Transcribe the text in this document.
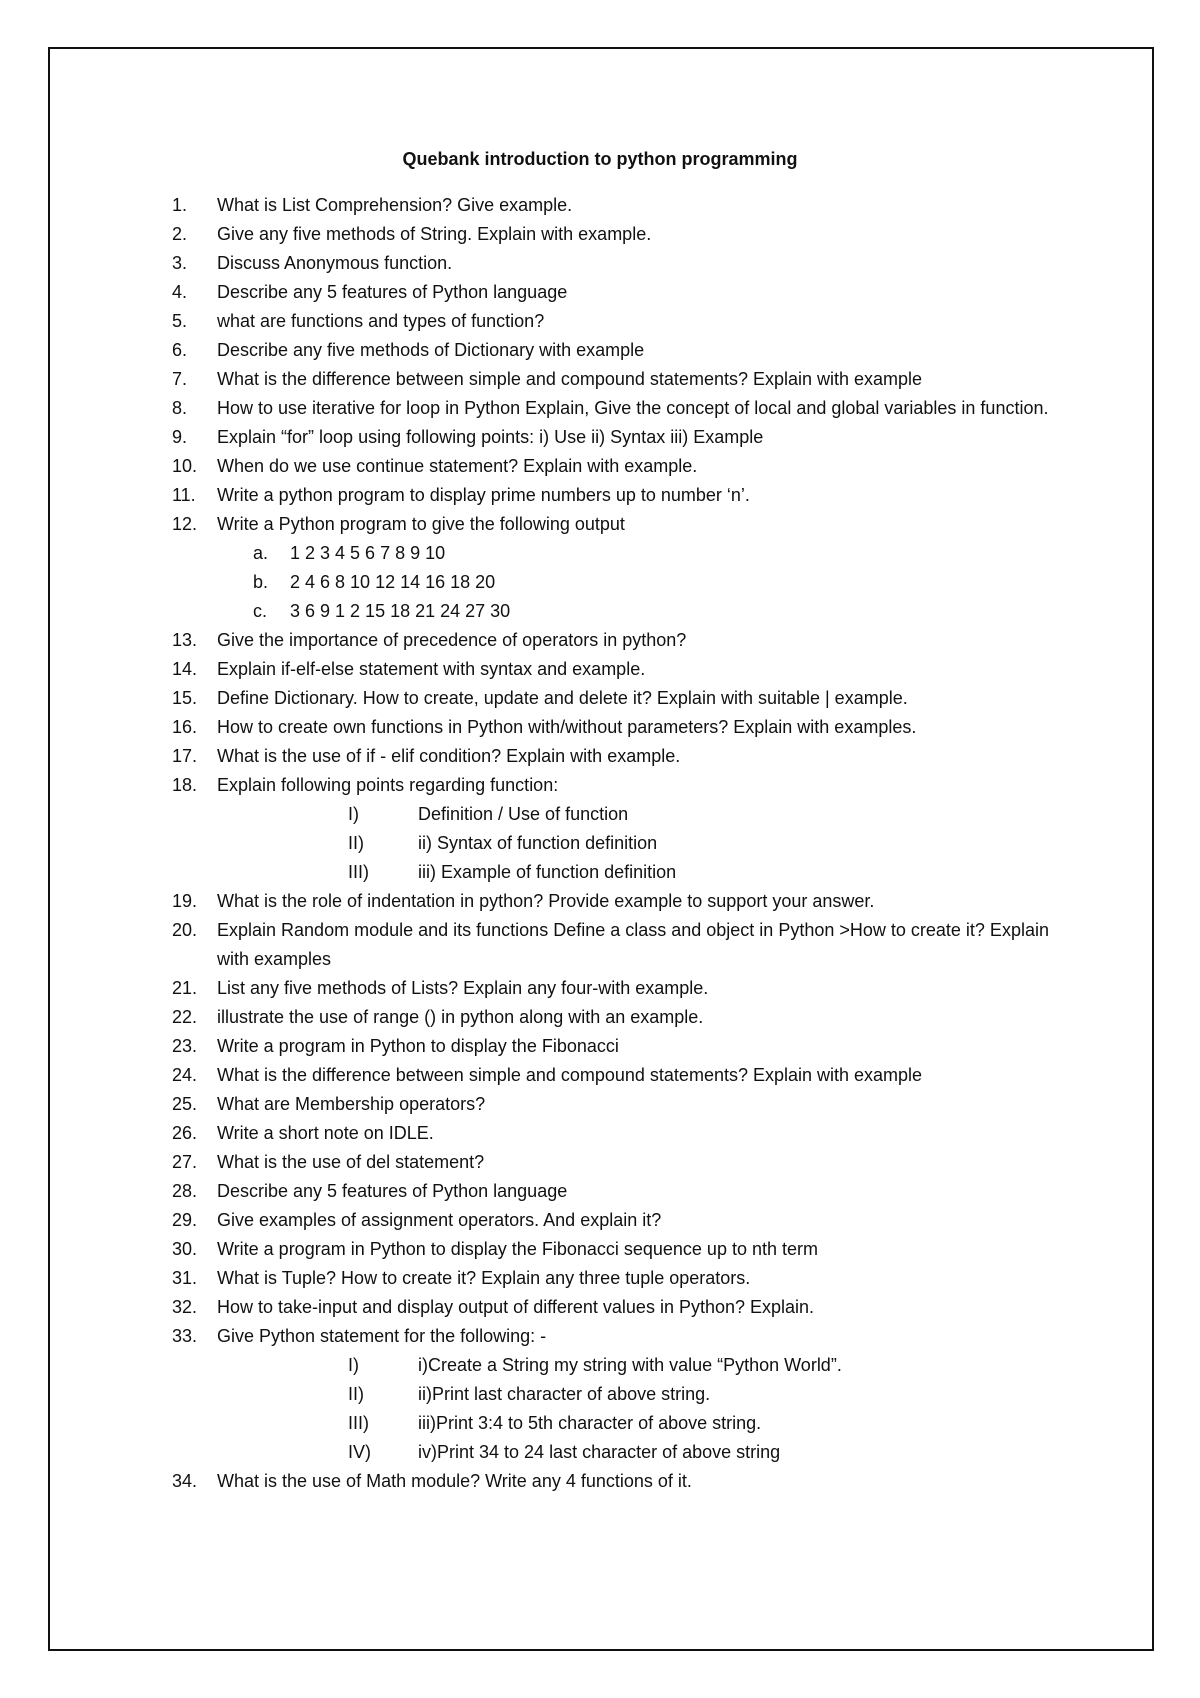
Quebank introduction to python programming
1.	What is List Comprehension? Give example.
2.	Give any five methods of String. Explain with example.
3.	Discuss Anonymous function.
4.	Describe any 5 features of Python language
5.	what are functions and types of function?
6.	Describe any five methods of Dictionary with example
7.	What is the difference between simple and compound statements? Explain with example
8.	How to use iterative for loop in Python Explain, Give the concept of local and global variables in function.
9.	Explain “for” loop using following points: i) Use ii) Syntax iii) Example
10.	When do we use continue statement? Explain with example.
11.	Write a python program to display prime numbers up to number ‘n’.
12.	Write a Python program to give the following output
a. 1 2 3 4 5 6 7 8 9 10
b. 2 4 6 8 10 12 14 16 18 20
c. 3 6 9 1 2 15 18 21 24 27 30
13.	Give the importance of precedence of operators in python?
14.	Explain if-elf-else statement with syntax and example.
15.	Define Dictionary. How to create, update and delete it? Explain with suitable | example.
16.	How to create own functions in Python with/without parameters? Explain with examples.
17.	What is the use of if - elif condition? Explain with example.
18.	Explain following points regarding function:
I)	Definition / Use of function
II)	ii) Syntax of function definition
III)	iii) Example of function definition
19.	What is the role of indentation in python? Provide example to support your answer.
20.	Explain Random module and its functions Define a class and object in Python >How to create it? Explain with examples
21.	List any five methods of Lists? Explain any four-with example.
22.	illustrate the use of range () in python along with an example.
23.	Write a program in Python to display the Fibonacci
24.	What is the difference between simple and compound statements? Explain with example
25.	What are Membership operators?
26.	Write a short note on IDLE.
27.	What is the use of del statement?
28.	Describe any 5 features of Python language
29.	Give examples of assignment operators. And explain it?
30.	Write a program in Python to display the Fibonacci sequence up to nth term
31.	What is Tuple? How to create it? Explain any three tuple operators.
32.	How to take-input and display output of different values in Python? Explain.
33.	Give Python statement for the following: -
I)	i)Create a String my string with value “Python World”.
II)	ii)Print last character of above string.
III)	iii)Print 3:4 to 5th character of above string.
IV)	iv)Print 34 to 24 last character of above string
34.	What is the use of Math module? Write any 4 functions of it.
